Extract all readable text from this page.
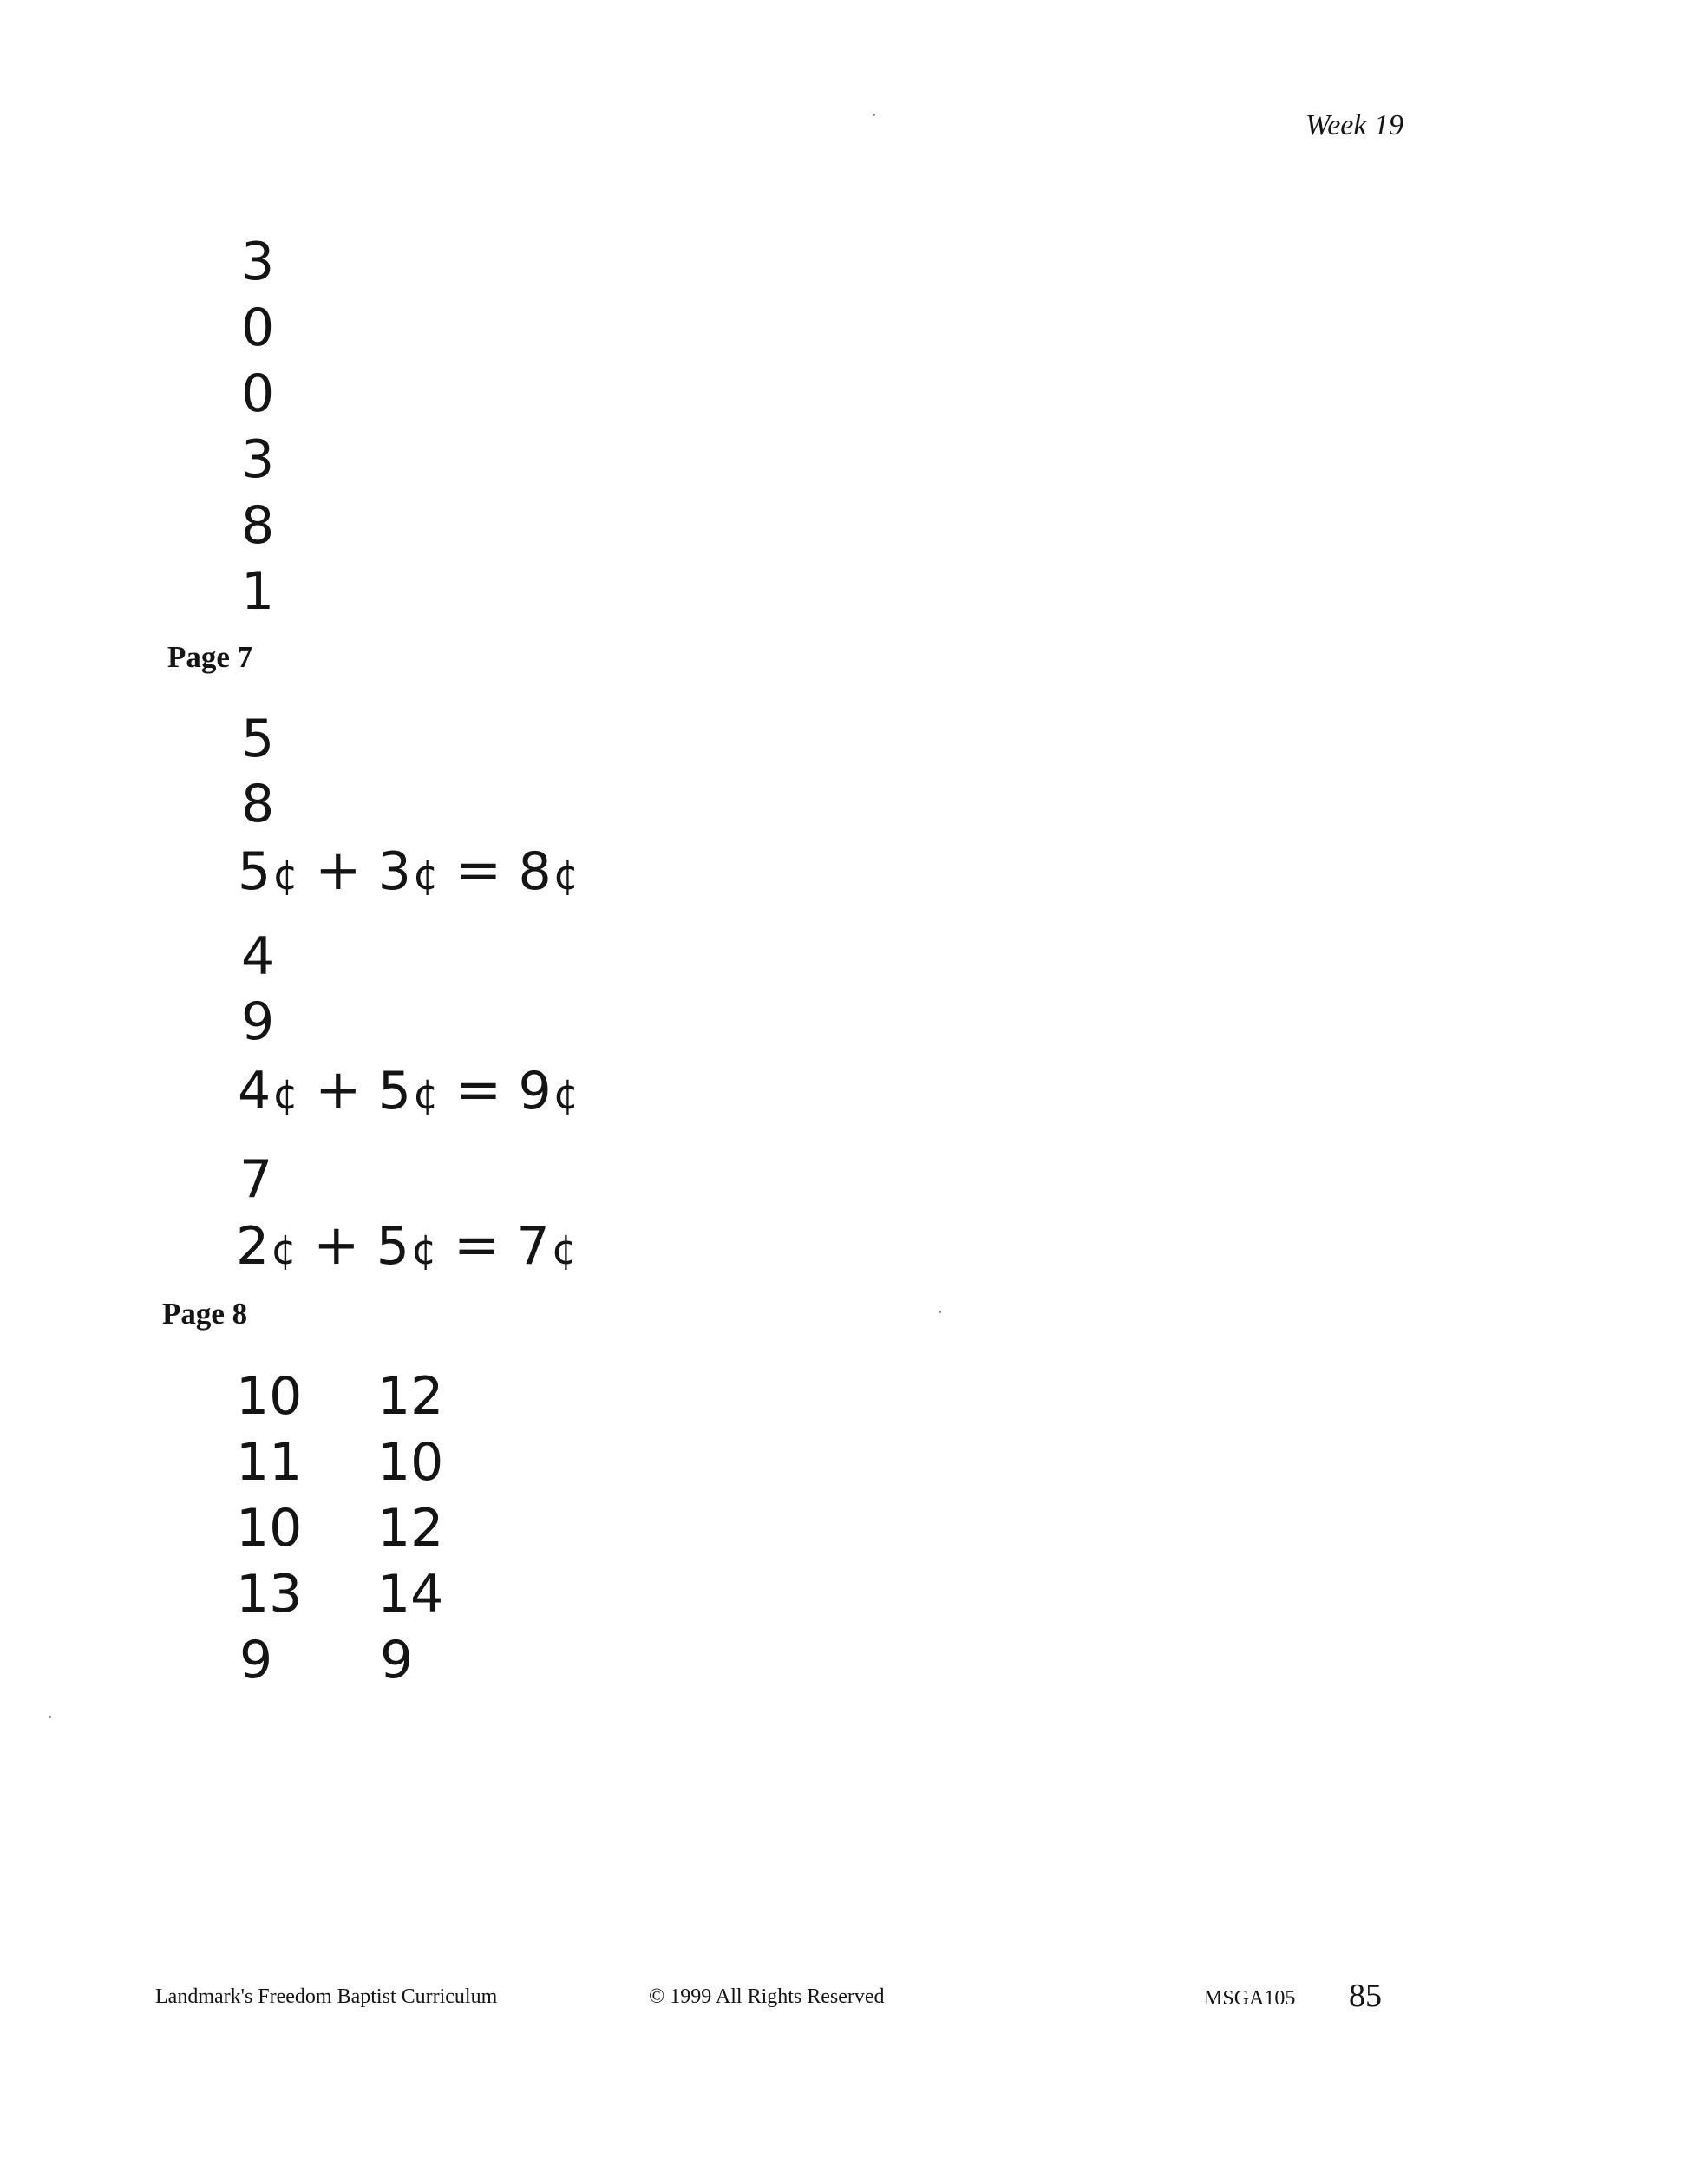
Week 19
3
0
0
3
8
1
Page 7
5
8
5¢ + 3¢ = 8¢
4
9
4¢ + 5¢ = 9¢
7
2¢ + 5¢ = 7¢
Page 8
10
11
10
13
9
12
10
12
14
9
Landmark's Freedom Baptist Curriculum	© 1999 All Rights Reserved	MSGA105 85
